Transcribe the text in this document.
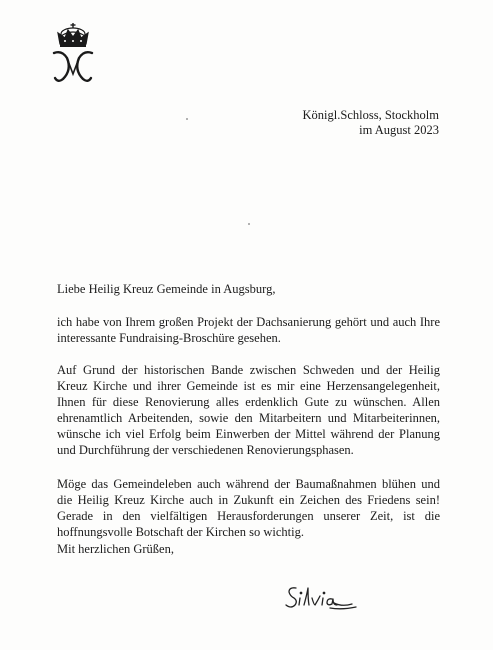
Königl.Schloss, Stockholm
im August 2023
Liebe Heilig Kreuz Gemeinde in Augsburg,
ich habe von Ihrem großen Projekt der Dachsanierung gehört und auch Ihre interessante Fundraising-Broschüre gesehen.
Auf Grund der historischen Bande zwischen Schweden und der Heilig Kreuz Kirche und ihrer Gemeinde ist es mir eine Herzensangelegenheit, Ihnen für diese Renovierung alles erdenklich Gute zu wünschen. Allen ehrenamtlich Arbeitenden, sowie den Mitarbeitern und Mitarbeiterinnen, wünsche ich viel Erfolg beim Einwerben der Mittel während der Planung und Durchführung der verschiedenen Renovierungsphasen.
Möge das Gemeindeleben auch während der Baumaßnahmen blühen und die Heilig Kreuz Kirche auch in Zukunft ein Zeichen des Friedens sein! Gerade in den vielfältigen Herausforderungen unserer Zeit, ist die hoffnungsvolle Botschaft der Kirchen so wichtig.
Mit herzlichen Grüßen,
